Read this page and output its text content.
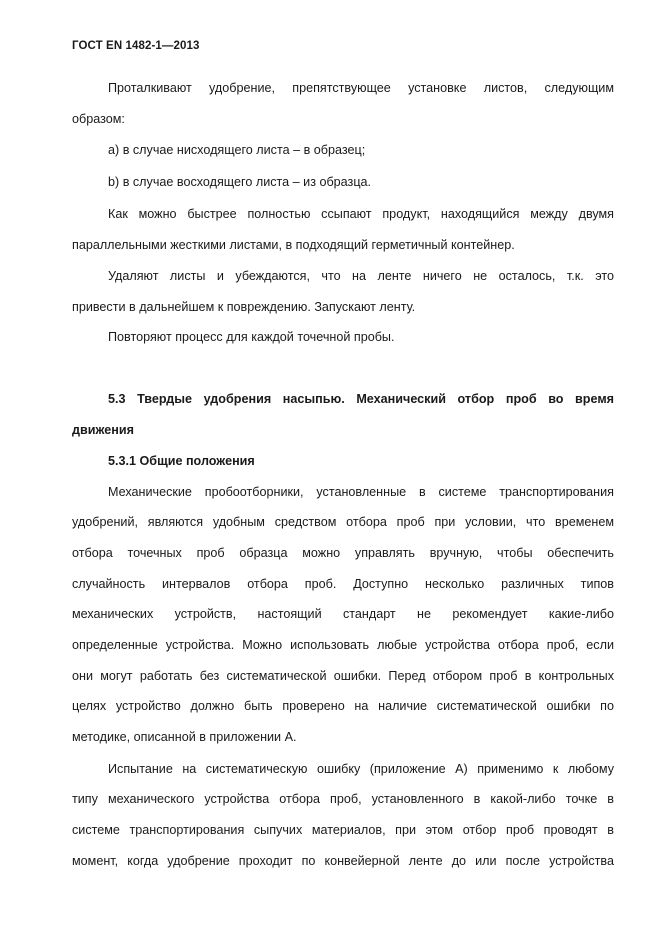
ГОСТ EN 1482-1—2013
Проталкивают удобрение, препятствующее установке листов, следующим
образом:
a) в случае нисходящего листа – в образец;
b) в случае восходящего листа – из образца.
Как можно быстрее полностью ссыпают продукт, находящийся между двумя
параллельными жесткими листами, в подходящий герметичный контейнер.
Удаляют листы и убеждаются, что на ленте ничего не осталось, т.к. это
привести в дальнейшем к повреждению. Запускают ленту.
Повторяют процесс для каждой точечной пробы.
5.3 Твердые удобрения насыпью. Механический отбор проб во время
движения
5.3.1 Общие положения
Механические пробоотборники, установленные в системе транспортирования
удобрений, являются удобным средством отбора проб при условии, что временем
отбора точечных проб образца можно управлять вручную, чтобы обеспечить
случайность интервалов отбора проб. Доступно несколько различных типов
механических устройств, настоящий стандарт не рекомендует какие-либо
определенные устройства. Можно использовать любые устройства отбора проб, если
они могут работать без систематической ошибки. Перед отбором проб в контрольных
целях устройство должно быть проверено на наличие систематической ошибки по
методике, описанной в приложении А.
Испытание на систематическую ошибку (приложение А) применимо к любому
типу механического устройства отбора проб, установленного в какой-либо точке в
системе транспортирования сыпучих материалов, при этом отбор проб проводят в
момент, когда удобрение проходит по конвейерной ленте до или после устройства
